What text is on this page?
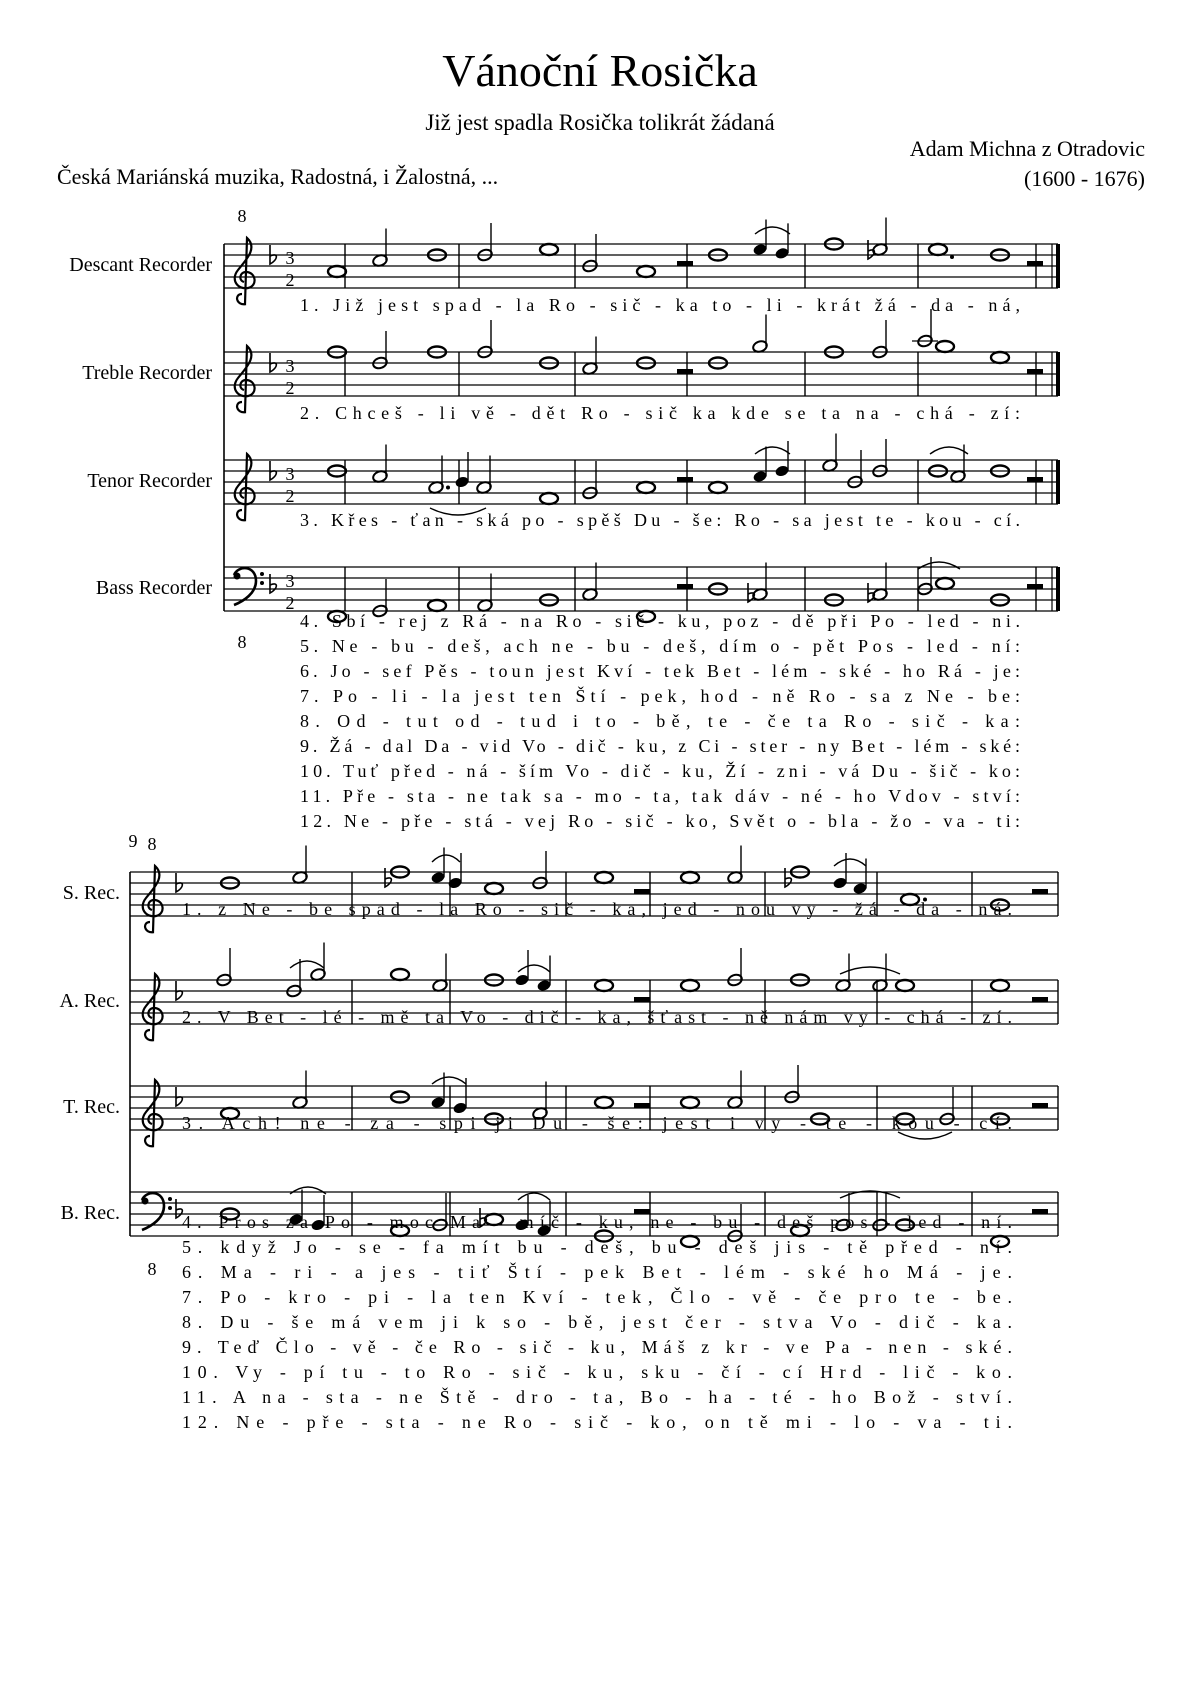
Vánoční Rosička
Již jest spadla Rosička tolikrát žádaná
Adam Michna z Otradovic
(1600 - 1676)
Česká Mariánská muzika, Radostná, i Žalostná, ...
Descant Recorder	3
2
Treble Recorder	3
2
Tenor Recorder	3
2
Bass Recorder	3
2
8
8
1. Již jest spad - la Ro - sič - ka to - li - krát žá - da - ná,
2. Chceš - li vě - dět Ro - sič ka kde se ta na - chá - zí:
3. Křes - ťan - ská po - spěš Du - še: Ro - sa jest te - kou - cí.
4. Sbí - rej z Rá - na Ro - sič - ku, poz - dě při Po - led - ni.
5. Ne - bu - deš, ach ne - bu - deš, dím o - pět Pos - led - ní:
6. Jo - sef Pěs - toun jest Kví - tek Bet - lém - ské - ho Rá - je:
7. Po - li - la jest ten Ští - pek, hod - ně Ro - sa z Ne - be:
8. Od - tut od - tud i to - bě, te - če ta Ro - sič - ka:
9. Žá - dal Da - vid Vo - dič - ku, z Ci - ster - ny Bet - lém - ské:
10. Tuť před - ná - ším Vo - dič - ku, Ží - zni - vá Du - šič - ko:
11. Pře - sta - ne tak sa - mo - ta, tak dáv - né - ho Vdov - ství:
12. Ne - pře - stá - vej Ro - sič - ko, Svět o - bla - žo - va - ti:
9 8
8
S. Rec.
A. Rec.
T. Rec.
B. Rec.
1. z Ne - be spad - la Ro - sič - ka, jed - nou vy - žá - da - ná.
2. V Bet - lé - mě ta Vo - dič - ka, šťast - ně nám vy - chá - zí.
3. Ach! ne - za - spi ji Du - še: jest i vy - te - kou - cí.
4. Pros za Po - moc Ma - míč - ku, ne - bu - deš pos - led - ní.
5. když Jo - se - fa mít bu - deš, bu - deš jis - tě před - ní.
6. Ma - ri - a jes - tiť Ští - pek Bet - lém - ské ho Má - je.
7. Po - kro - pi - la ten Kví - tek, Člo - vě - če pro te - be.
8. Du - še má vem ji k so - bě, jest čer - stva Vo - dič - ka.
9. Teď Člo - vě - če Ro - sič - ku, Máš z kr - ve Pa - nen - ské.
10. Vy - pí tu - to Ro - sič - ku, sku - čí - cí Hrd - lič - ko.
11. A na - sta - ne Ště - dro - ta, Bo - ha - té - ho Bož - ství.
12. Ne - pře - sta - ne Ro - sič - ko, on tě mi - lo - va - ti.
